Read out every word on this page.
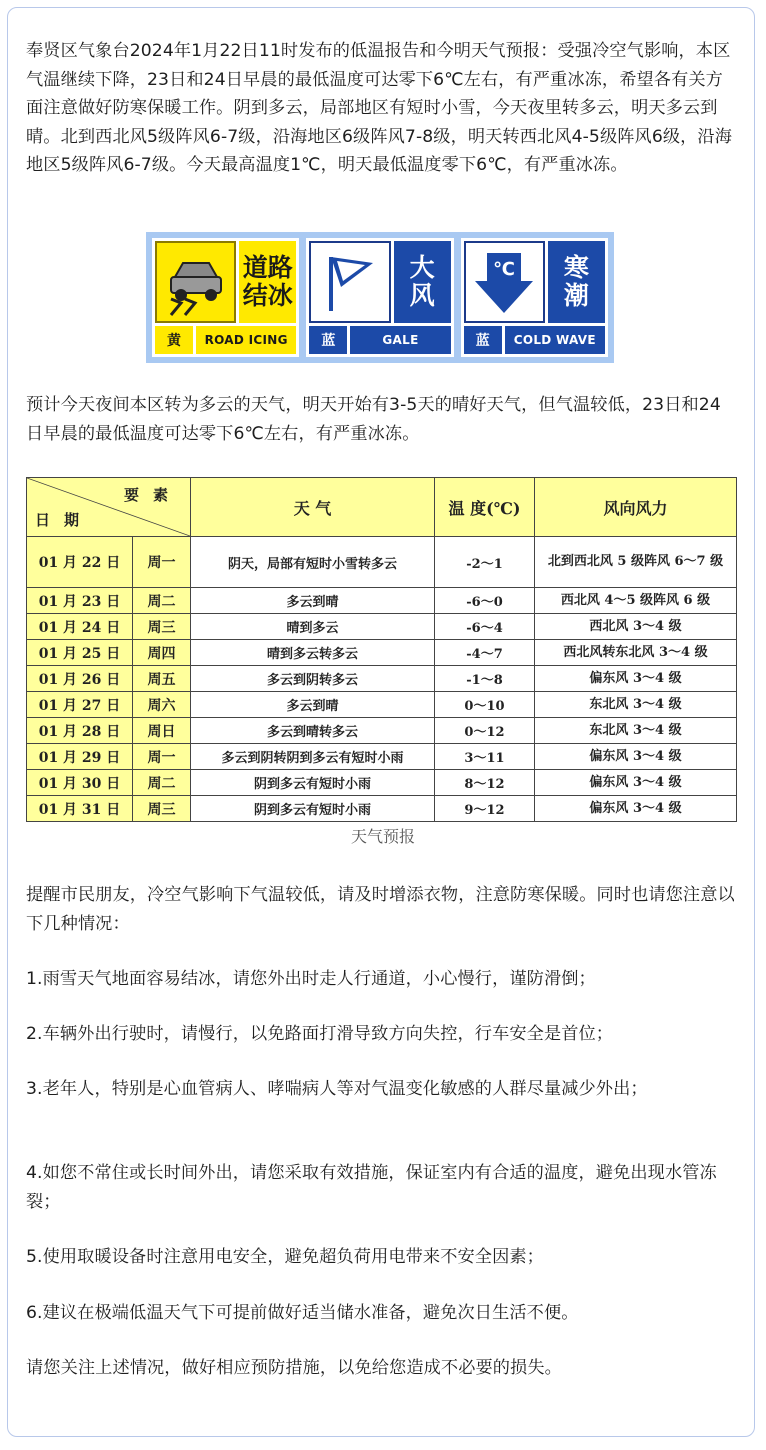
奉贤区气象台2024年1月22日11时发布的低温报告和今明天气预报：受强冷空气影响，本区气温继续下降，23日和24日早晨的最低温度可达零下6℃左右，有严重冰冻，希望各有关方面注意做好防寒保暖工作。阴到多云，局部地区有短时小雪，今天夜里转多云，明天多云到晴。北到西北风5级阵风6-7级，沿海地区6级阵风7-8级，明天转西北风4-5级阵风6级，沿海地区5级阵风6-7级。今天最高温度1℃，明天最低温度零下6℃，有严重冰冻。

道路
结冰
黄	ROAD ICING
大
风
蓝	GALE
℃ 寒
潮
蓝	COLD WAVE

预计今天夜间本区转为多云的天气，明天开始有3-5天的晴好天气，但气温较低，23日和24日早晨的最低温度可达零下6℃左右，有严重冰冻。

要素
日期		天 气	温 度(℃)	风向风力
01 月 22 日	周一	阴天，局部有短时小雪转多云	-2～1	北到西北风 5 级阵风 6～7 级
01 月 23 日	周二	多云到晴	-6～0	西北风 4～5 级阵风 6 级
01 月 24 日	周三	晴到多云	-6～4	西北风 3～4 级
01 月 25 日	周四	晴到多云转多云	-4～7	西北风转东北风 3～4 级
01 月 26 日	周五	多云到阴转多云	-1～8	偏东风 3～4 级
01 月 27 日	周六	多云到晴	0～10	东北风 3～4 级
01 月 28 日	周日	多云到晴转多云	0～12	东北风 3～4 级
01 月 29 日	周一	多云到阴转阴到多云有短时小雨	3～11	偏东风 3～4 级
01 月 30 日	周二	阴到多云有短时小雨	8～12	偏东风 3～4 级
01 月 31 日	周三	阴到多云有短时小雨	9～12	偏东风 3～4 级
天气预报

提醒市民朋友，冷空气影响下气温较低，请及时增添衣物，注意防寒保暖。同时也请您注意以下几种情况：

1.雨雪天气地面容易结冰，请您外出时走人行通道，小心慢行，谨防滑倒；

2.车辆外出行驶时，请慢行，以免路面打滑导致方向失控，行车安全是首位；

3.老年人，特别是心血管病人、哮喘病人等对气温变化敏感的人群尽量减少外出；

4.如您不常住或长时间外出，请您采取有效措施，保证室内有合适的温度，避免出现水管冻裂；

5.使用取暖设备时注意用电安全，避免超负荷用电带来不安全因素；

6.建议在极端低温天气下可提前做好适当储水准备，避免次日生活不便。

请您关注上述情况，做好相应预防措施，以免给您造成不必要的损失。
